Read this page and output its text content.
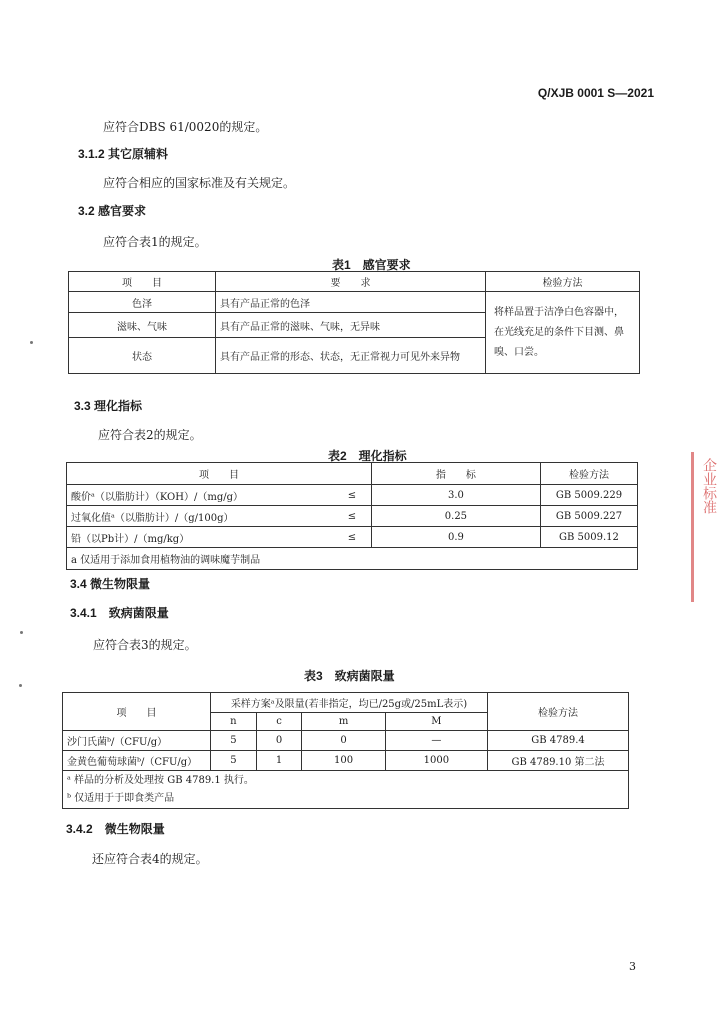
Q/XJB 0001 S—2021
应符合DBS 61/0020的规定。
3.1.2 其它原辅料
应符合相应的国家标准及有关规定。
3.2 感官要求
应符合表1的规定。
表1　感官要求
项　　目	要　　求	检验方法
色泽	具有产品正常的色泽	将样品置于洁净白色容器中，在光线充足的条件下目测、鼻嗅、口尝。
滋味、气味	具有产品正常的滋味、气味，无异味	
状态	具有产品正常的形态、状态，无正常视力可见外来异物	
3.3 理化指标
应符合表2的规定。
表2　理化指标
项　　目		指　　标	检验方法
酸价ᵃ（以脂肪计）（KOH）/（mg/g）	≤	3.0	GB 5009.229
过氧化值ᵃ（以脂肪计）/（g/100g）	≤	0.25	GB 5009.227
铅（以Pb计）/（mg/kg）	≤	0.9	GB 5009.12
a 仅适用于添加食用植物油的调味魔芋制品			
3.4 微生物限量
3.4.1　致病菌限量
应符合表3的规定。
表3　致病菌限量
项　　目	采样方案ᵃ及限量(若非指定，均已/25g或/25mL表示)				检验方法
	n	c	m	M	
沙门氏菌ᵇ/（CFU/g）	5	0	0	—	GB 4789.4
金黄色葡萄球菌ᵇ/（CFU/g）	5	1	100	1000	GB 4789.10 第二法

ᵃ 样品的分析及处理按 GB 4789.1 执行。
ᵇ 仅适用于于即食类产品					
3.4.2　微生物限量
还应符合表4的规定。
企业标准
3
